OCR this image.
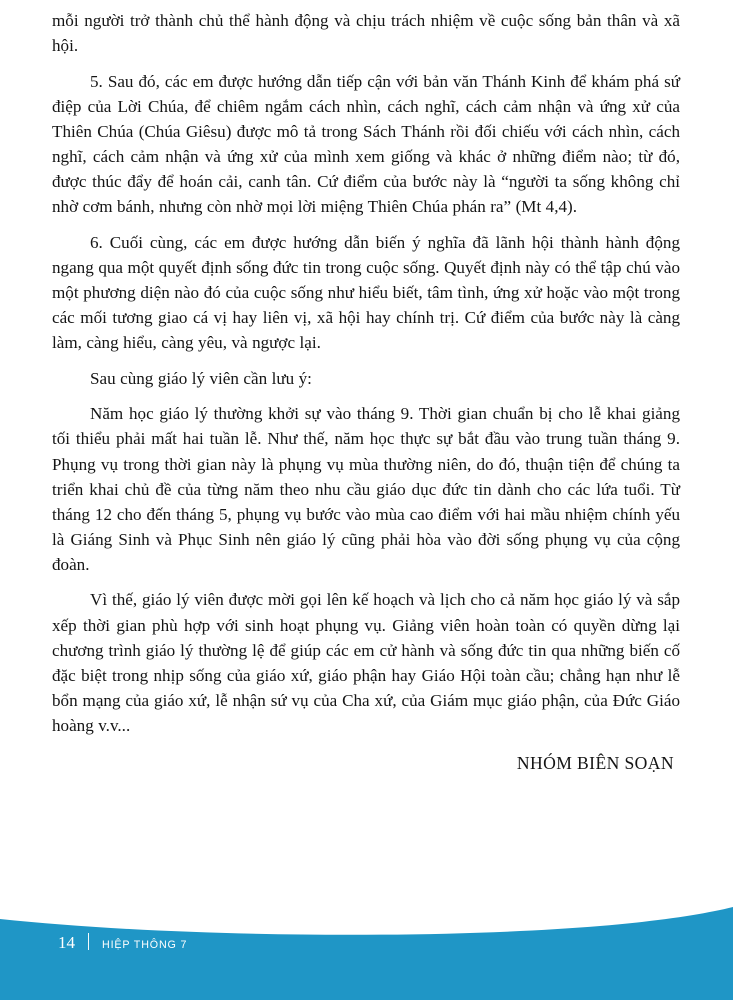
mỗi người trở thành chủ thể hành động và chịu trách nhiệm về cuộc sống bản thân và xã hội.

5. Sau đó, các em được hướng dẫn tiếp cận với bản văn Thánh Kinh để khám phá sứ điệp của Lời Chúa, để chiêm ngắm cách nhìn, cách nghĩ, cách cảm nhận và ứng xử của Thiên Chúa (Chúa Giêsu) được mô tả trong Sách Thánh rồi đối chiếu với cách nhìn, cách nghĩ, cách cảm nhận và ứng xử của mình xem giống và khác ở những điểm nào; từ đó, được thúc đẩy để hoán cải, canh tân. Cứ điểm của bước này là “người ta sống không chỉ nhờ cơm bánh, nhưng còn nhờ mọi lời miệng Thiên Chúa phán ra” (Mt 4,4).

6. Cuối cùng, các em được hướng dẫn biến ý nghĩa đã lãnh hội thành hành động ngang qua một quyết định sống đức tin trong cuộc sống. Quyết định này có thể tập chú vào một phương diện nào đó của cuộc sống như hiểu biết, tâm tình, ứng xử hoặc vào một trong các mối tương giao cá vị hay liên vị, xã hội hay chính trị. Cứ điểm của bước này là càng làm, càng hiểu, càng yêu, và ngược lại.

Sau cùng giáo lý viên cần lưu ý:

Năm học giáo lý thường khởi sự vào tháng 9. Thời gian chuẩn bị cho lễ khai giảng tối thiểu phải mất hai tuần lễ. Như thế, năm học thực sự bắt đầu vào trung tuần tháng 9. Phụng vụ trong thời gian này là phụng vụ mùa thường niên, do đó, thuận tiện để chúng ta triển khai chủ đề của từng năm theo nhu cầu giáo dục đức tin dành cho các lứa tuổi. Từ tháng 12 cho đến tháng 5, phụng vụ bước vào mùa cao điểm với hai mầu nhiệm chính yếu là Giáng Sinh và Phục Sinh nên giáo lý cũng phải hòa vào đời sống phụng vụ của cộng đoàn.

Vì thế, giáo lý viên được mời gọi lên kế hoạch và lịch cho cả năm học giáo lý và sắp xếp thời gian phù hợp với sinh hoạt phụng vụ. Giảng viên hoàn toàn có quyền dừng lại chương trình giáo lý thường lệ để giúp các em cử hành và sống đức tin qua những biến cố đặc biệt trong nhịp sống của giáo xứ, giáo phận hay Giáo Hội toàn cầu; chẳng hạn như lễ bổn mạng của giáo xứ, lễ nhận sứ vụ của Cha xứ, của Giám mục giáo phận, của Đức Giáo hoàng v.v...

NHÓM BIÊN SOẠN

14 HIỆP THÔNG 7
